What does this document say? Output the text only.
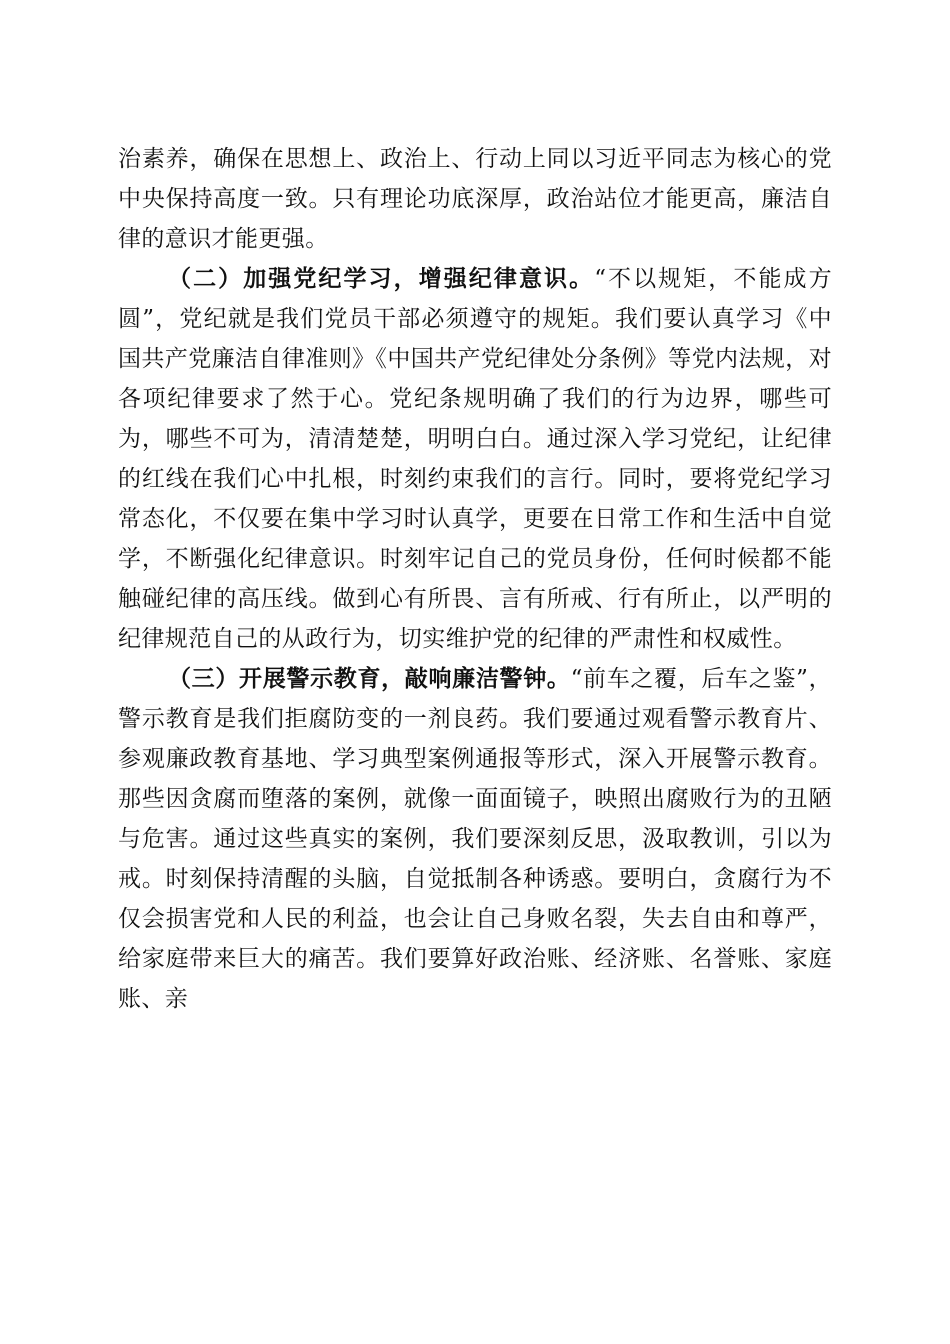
治素养，确保在思想上、政治上、行动上同以习近平同志为核心的党中央保持高度一致。只有理论功底深厚，政治站位才能更高，廉洁自律的意识才能更强。

（二）加强党纪学习，增强纪律意识。“不以规矩，不能成方圆”，党纪就是我们党员干部必须遵守的规矩。我们要认真学习《中国共产党廉洁自律准则》《中国共产党纪律处分条例》等党内法规，对各项纪律要求了然于心。党纪条规明确了我们的行为边界，哪些可为，哪些不可为，清清楚楚，明明白白。通过深入学习党纪，让纪律的红线在我们心中扎根，时刻约束我们的言行。同时，要将党纪学习常态化，不仅要在集中学习时认真学，更要在日常工作和生活中自觉学，不断强化纪律意识。时刻牢记自己的党员身份，任何时候都不能触碰纪律的高压线。做到心有所畏、言有所戒、行有所止，以严明的纪律规范自己的从政行为，切实维护党的纪律的严肃性和权威性。

（三）开展警示教育，敲响廉洁警钟。“前车之覆，后车之鉴”，警示教育是我们拒腐防变的一剂良药。我们要通过观看警示教育片、参观廉政教育基地、学习典型案例通报等形式，深入开展警示教育。那些因贪腐而堕落的案例，就像一面面镜子，映照出腐败行为的丑陋与危害。通过这些真实的案例，我们要深刻反思，汲取教训，引以为戒。时刻保持清醒的头脑，自觉抵制各种诱惑。要明白，贪腐行为不仅会损害党和人民的利益，也会让自己身败名裂，失去自由和尊严，给家庭带来巨大的痛苦。我们要算好政治账、经济账、名誉账、家庭账、亲
